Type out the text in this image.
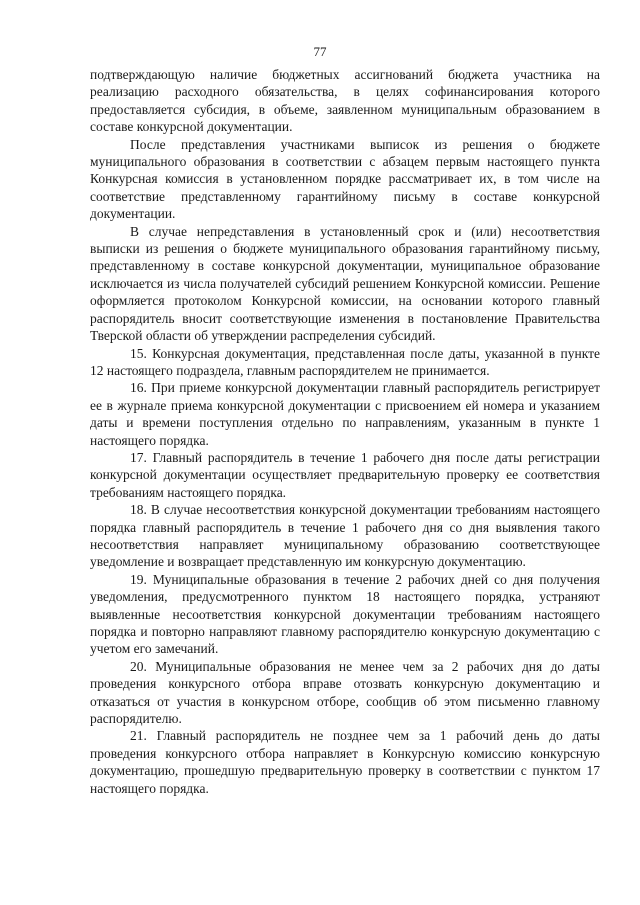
77

подтверждающую наличие бюджетных ассигнований бюджета участника на реализацию расходного обязательства, в целях софинансирования которого предоставляется субсидия, в объеме, заявленном муниципальным образованием в составе конкурсной документации.

После представления участниками выписок из решения о бюджете муниципального образования в соответствии с абзацем первым настоящего пункта Конкурсная комиссия в установленном порядке рассматривает их, в том числе на соответствие представленному гарантийному письму в составе конкурсной документации.

В случае непредставления в установленный срок и (или) несоответствия выписки из решения о бюджете муниципального образования гарантийному письму, представленному в составе конкурсной документации, муниципальное образование исключается из числа получателей субсидий решением Конкурсной комиссии. Решение оформляется протоколом Конкурсной комиссии, на основании которого главный распорядитель вносит соответствующие изменения в постановление Правительства Тверской области об утверждении распределения субсидий.

15. Конкурсная документация, представленная после даты, указанной в пункте 12 настоящего подраздела, главным распорядителем не принимается.

16. При приеме конкурсной документации главный распорядитель регистрирует ее в журнале приема конкурсной документации с присвоением ей номера и указанием даты и времени поступления отдельно по направлениям, указанным в пункте 1 настоящего порядка.

17. Главный распорядитель в течение 1 рабочего дня после даты регистрации конкурсной документации осуществляет предварительную проверку ее соответствия требованиям настоящего порядка.

18. В случае несоответствия конкурсной документации требованиям настоящего порядка главный распорядитель в течение 1 рабочего дня со дня выявления такого несоответствия направляет муниципальному образованию соответствующее уведомление и возвращает представленную им конкурсную документацию.

19. Муниципальные образования в течение 2 рабочих дней со дня получения уведомления, предусмотренного пунктом 18 настоящего порядка, устраняют выявленные несоответствия конкурсной документации требованиям настоящего порядка и повторно направляют главному распорядителю конкурсную документацию с учетом его замечаний.

20. Муниципальные образования не менее чем за 2 рабочих дня до даты проведения конкурсного отбора вправе отозвать конкурсную документацию и отказаться от участия в конкурсном отборе, сообщив об этом письменно главному распорядителю.

21. Главный распорядитель не позднее чем за 1 рабочий день до даты проведения конкурсного отбора направляет в Конкурсную комиссию конкурсную документацию, прошедшую предварительную проверку в соответствии с пунктом 17 настоящего порядка.
